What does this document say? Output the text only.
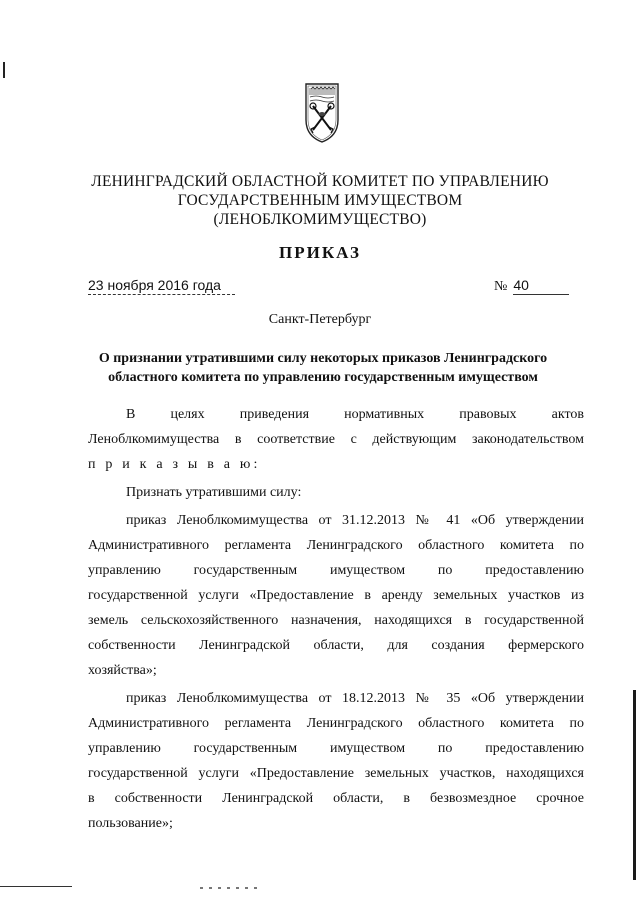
ЛЕНИНГРАДСКИЙ ОБЛАСТНОЙ КОМИТЕТ ПО УПРАВЛЕНИЮ
ГОСУДАРСТВЕННЫМ ИМУЩЕСТВОМ
(ЛЕНОБЛКОМИМУЩЕСТВО)
ПРИКАЗ
23 ноября 2016 года	№ 40
Санкт-Петербург
О признании утратившими силу некоторых приказов Ленинградского
областного комитета по управлению государственным имуществом
В целях приведения нормативных правовых актов
Леноблкомимущества в соответствие с действующим законодательством
п р и к а з ы в а ю:
Признать утратившими силу:
приказ Леноблкомимущества от 31.12.2013 № 41 «Об утверждении
Административного регламента Ленинградского областного комитета по
управлению государственным имуществом по предоставлению
государственной услуги «Предоставление в аренду земельных участков из
земель сельскохозяйственного назначения, находящихся в государственной
собственности Ленинградской области, для создания фермерского
хозяйства»;
приказ Леноблкомимущества от 18.12.2013 № 35 «Об утверждении
Административного регламента Ленинградского областного комитета по
управлению государственным имуществом по предоставлению
государственной услуги «Предоставление земельных участков, находящихся
в собственности Ленинградской области, в безвозмездное срочное
пользование»;
